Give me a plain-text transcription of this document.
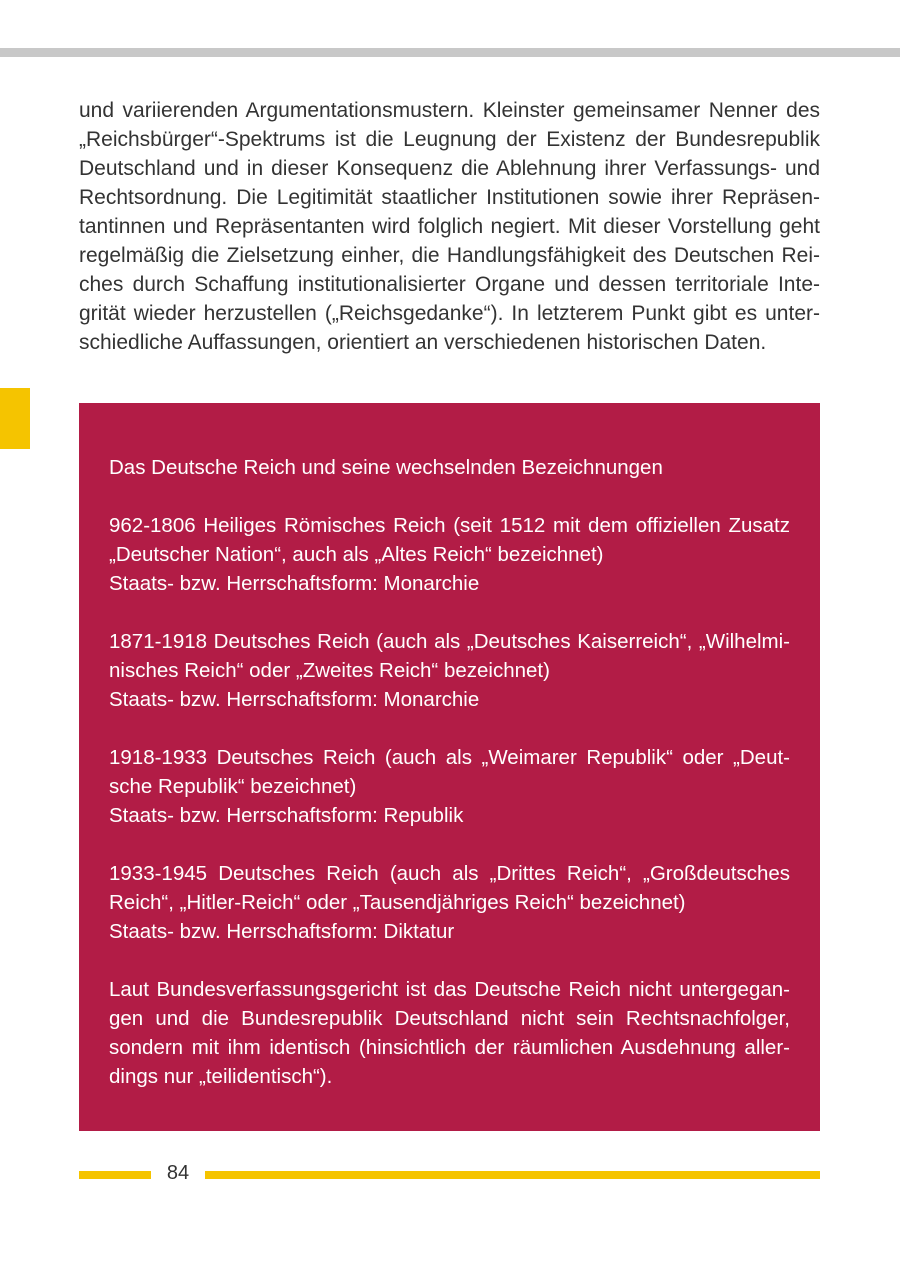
und variierenden Argumentationsmustern. Kleinster gemeinsamer Nenner des
„Reichsbürger“-Spektrums ist die Leugnung der Existenz der Bundesrepublik
Deutschland und in dieser Konsequenz die Ablehnung ihrer Verfassungs- und
Rechtsordnung. Die Legitimität staatlicher Institutionen sowie ihrer Repräsen-
tantinnen und Repräsentanten wird folglich negiert. Mit dieser Vorstellung geht
regelmäßig die Zielsetzung einher, die Handlungsfähigkeit des Deutschen Rei-
ches durch Schaffung institutionalisierter Organe und dessen territoriale Inte-
grität wieder herzustellen („Reichsgedanke“). In letzterem Punkt gibt es unter-
schiedliche Auffassungen, orientiert an verschiedenen historischen Daten.

Das Deutsche Reich und seine wechselnden Bezeichnungen
962-1806 Heiliges Römisches Reich (seit 1512 mit dem offiziellen Zusatz
„Deutscher Nation“, auch als „Altes Reich“ bezeichnet)
Staats- bzw. Herrschaftsform: Monarchie
1871-1918 Deutsches Reich (auch als „Deutsches Kaiserreich“, „Wilhelmi-
nisches Reich“ oder „Zweites Reich“ bezeichnet)
Staats- bzw. Herrschaftsform: Monarchie
1918-1933 Deutsches Reich (auch als „Weimarer Republik“ oder „Deut-
sche Republik“ bezeichnet)
Staats- bzw. Herrschaftsform: Republik
1933-1945 Deutsches Reich (auch als „Drittes Reich“, „Großdeutsches
Reich“, „Hitler-Reich“ oder „Tausendjähriges Reich“ bezeichnet)
Staats- bzw. Herrschaftsform: Diktatur
Laut Bundesverfassungsgericht ist das Deutsche Reich nicht untergegan-
gen und die Bundesrepublik Deutschland nicht sein Rechtsnachfolger,
sondern mit ihm identisch (hinsichtlich der räumlichen Ausdehnung aller-
dings nur „teilidentisch“).
84
